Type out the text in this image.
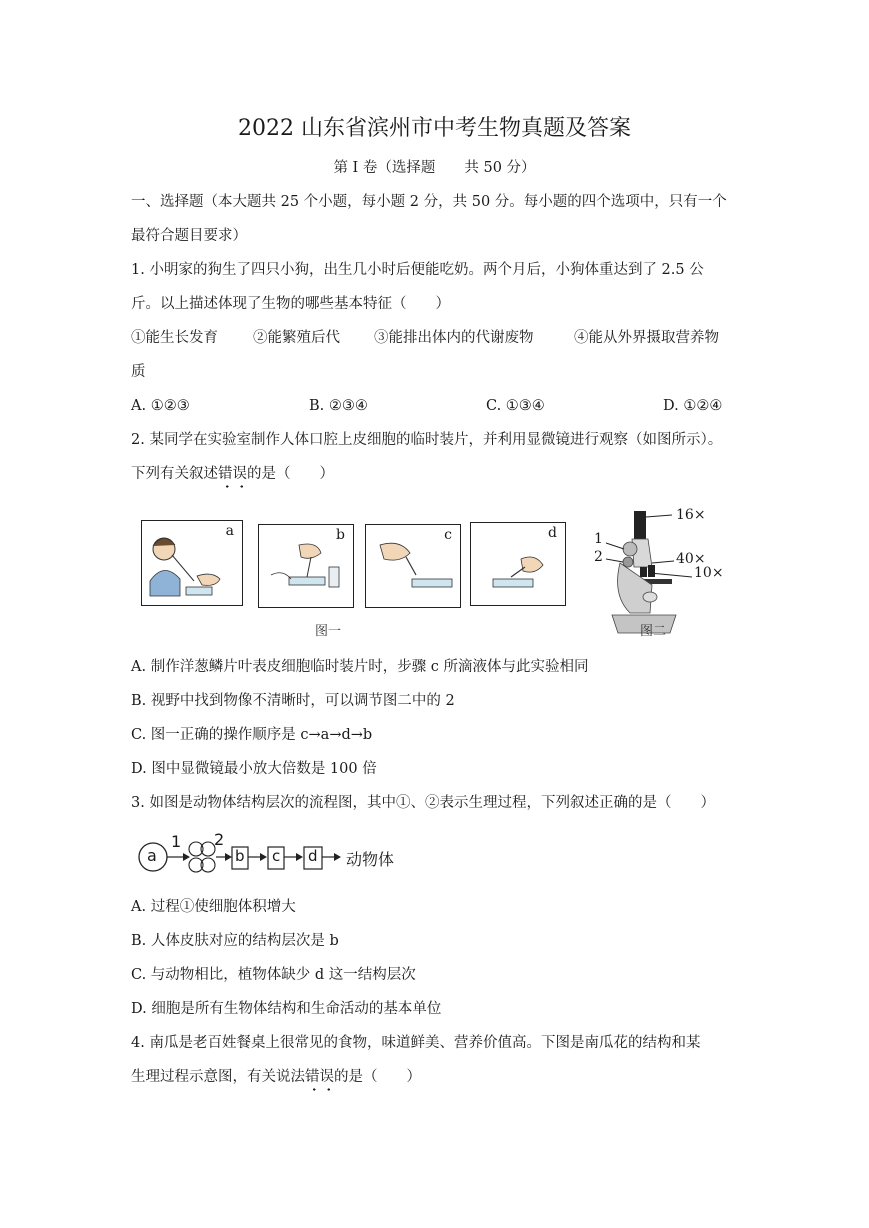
2022 山东省滨州市中考生物真题及答案
第 I 卷（选择题　　共 50 分）
一、选择题（本大题共 25 个小题，每小题 2 分，共 50 分。每小题的四个选项中，只有一个
最符合题目要求）
1. 小明家的狗生了四只小狗，出生几小时后便能吃奶。两个月后，小狗体重达到了 2.5 公
斤。以上描述体现了生物的哪些基本特征（　　）
①能生长发育 ②能繁殖后代 ③能排出体内的代谢废物	④能从外界摄取营养物
质
A. ①②③	B. ②③④	C. ①③④	D. ①②④
2. 某同学在实验室制作人体口腔上皮细胞的临时装片，并利用显微镜进行观察（如图所示）。
下列有关叙述错误的是（　　）
a	b	c	d
图一
16×
1
2	40×
10×
图二
A. 制作洋葱鳞片叶表皮细胞临时装片时，步骤 c 所滴液体与此实验相同
B. 视野中找到物像不清晰时，可以调节图二中的 2
C. 图一正确的操作顺序是 c→a→d→b
D. 图中显微镜最小放大倍数是 100 倍
3. 如图是动物体结构层次的流程图，其中①、②表示生理过程，下列叙述正确的是（　　）
a
1 2
b c d 动物体
A. 过程①使细胞体积增大
B. 人体皮肤对应的结构层次是 b
C. 与动物相比，植物体缺少 d 这一结构层次
D. 细胞是所有生物体结构和生命活动的基本单位
4. 南瓜是老百姓餐桌上很常见的食物，味道鲜美、营养价值高。下图是南瓜花的结构和某
生理过程示意图，有关说法错误的是（　　）
